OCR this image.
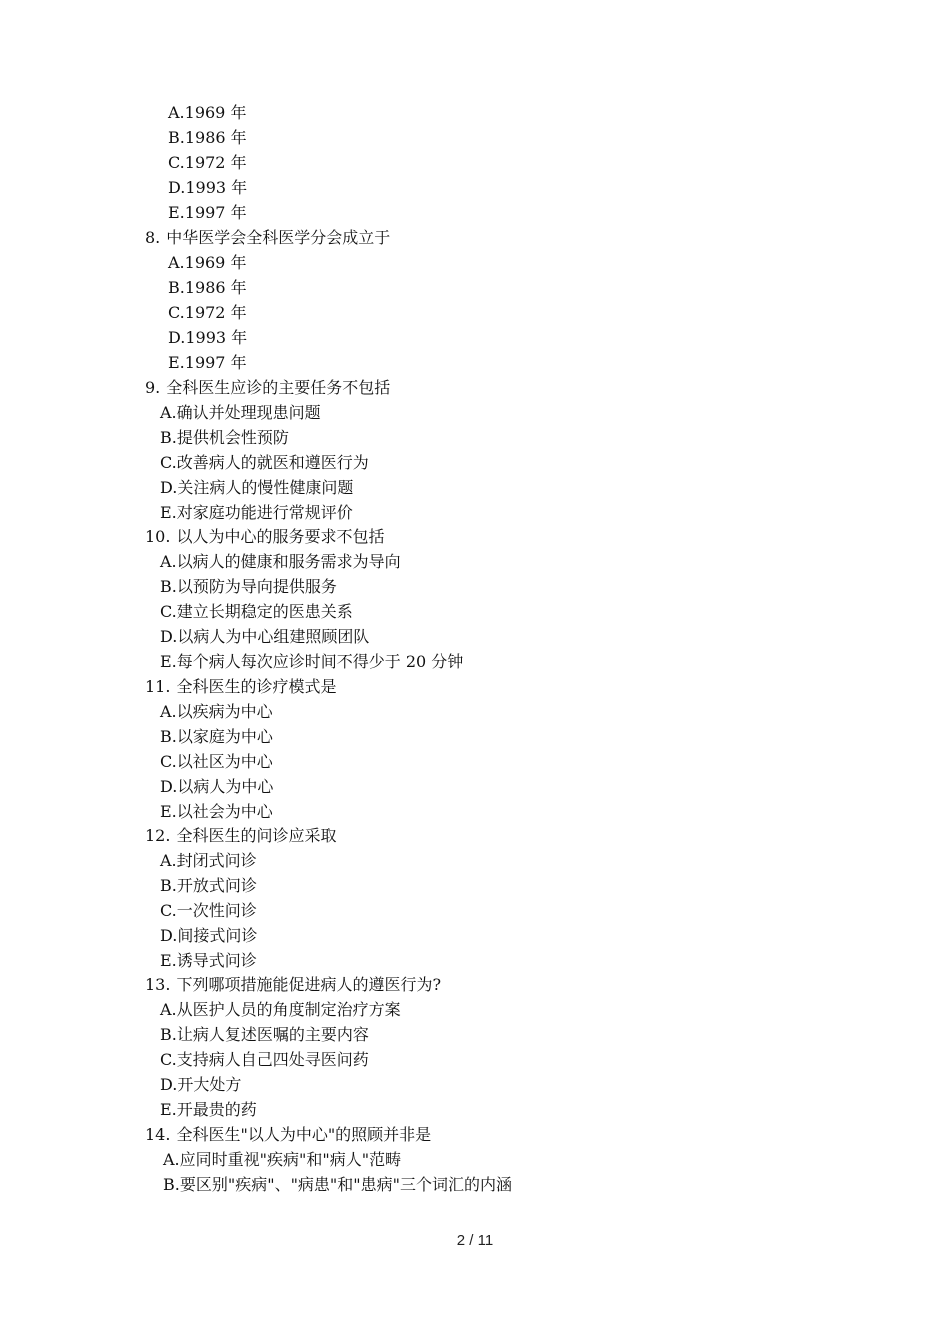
A.1969 年
B.1986 年
C.1972 年
D.1993 年
E.1997 年
8. 中华医学会全科医学分会成立于
A.1969 年
B.1986 年
C.1972 年
D.1993 年
E.1997 年
9. 全科医生应诊的主要任务不包括
A.确认并处理现患问题
B.提供机会性预防
C.改善病人的就医和遵医行为
D.关注病人的慢性健康问题
E.对家庭功能进行常规评价
10. 以人为中心的服务要求不包括
A.以病人的健康和服务需求为导向
B.以预防为导向提供服务
C.建立长期稳定的医患关系
D.以病人为中心组建照顾团队
E.每个病人每次应诊时间不得少于 20 分钟
11. 全科医生的诊疗模式是
A.以疾病为中心
B.以家庭为中心
C.以社区为中心
D.以病人为中心
E.以社会为中心
12. 全科医生的问诊应采取
A.封闭式问诊
B.开放式问诊
C.一次性问诊
D.间接式问诊
E.诱导式问诊
13. 下列哪项措施能促进病人的遵医行为?
A.从医护人员的角度制定治疗方案
B.让病人复述医嘱的主要内容
C.支持病人自己四处寻医问药
D.开大处方
E.开最贵的药
14. 全科医生"以人为中心"的照顾并非是
A.应同时重视"疾病"和"病人"范畴
B.要区别"疾病"、"病患"和"患病"三个词汇的内涵
2 / 11
